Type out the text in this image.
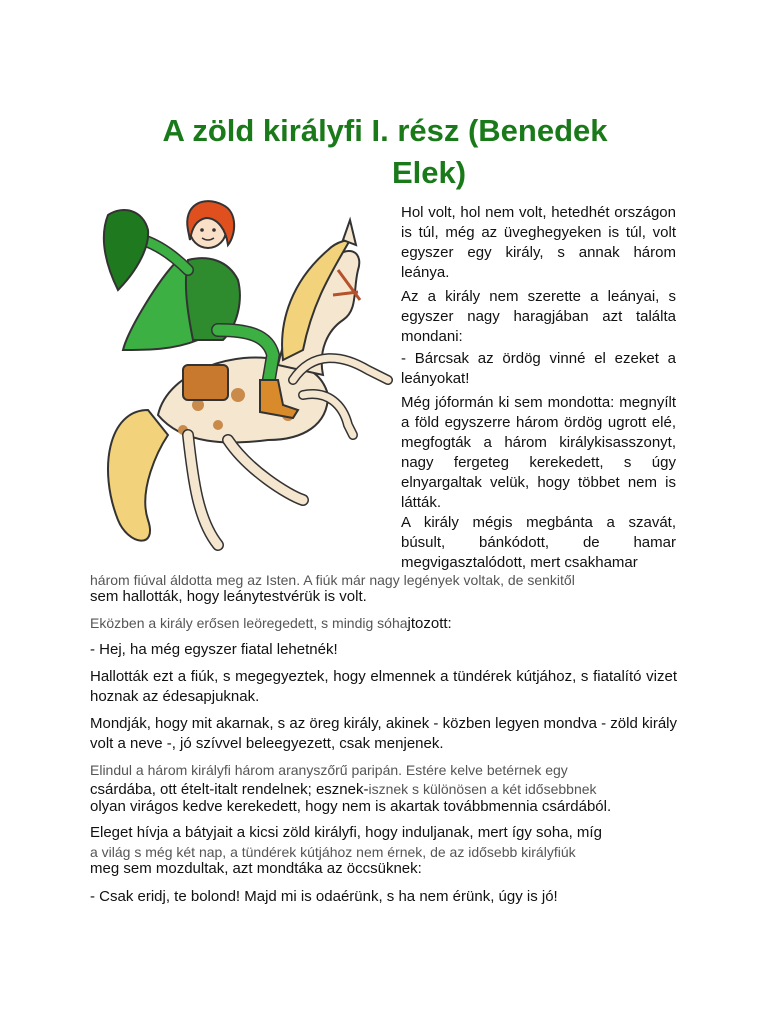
A zöld királyfi I. rész (Benedek
Elek)
Hol volt, hol nem volt, hetedhét országon is túl, még az üveghegyeken is túl, volt egyszer egy király, s annak három leánya.
Az a király nem szerette a leányai, s egyszer nagy haragjában azt találta mondani:
- Bárcsak az ördög vinné el ezeket a leányokat!
Még jóformán ki sem mondotta: megnyílt a föld egyszerre három ördög ugrott elé, megfogták a három királykisasszonyt, nagy fergeteg kerekedett, s úgy elnyargaltak velük, hogy többet nem is látták.
A király mégis megbánta a szavát, búsult, bánkódott, de hamar megvigasztalódott, mert csakhamar
három fiúval áldotta meg az Isten. A fiúk már nagy legények voltak, de senkitől
sem hallották, hogy leánytestvérük is volt.
Eközben a király erősen leöregedett, s mindig sóhajtozott:
- Hej, ha még egyszer fiatal lehetnék!
Hallották ezt a fiúk, s megegyeztek, hogy elmennek a tündérek kútjához, s fiatalító vizet hoznak az édesapjuknak.
Mondják, hogy mit akarnak, s az öreg király, akinek - közben legyen mondva - zöld király volt a neve -, jó szívvel beleegyezett, csak menjenek.
Elindul a három királyfi három aranyszőrű paripán. Estére kelve betérnek egy
csárdába, ott ételt-italt rendelnek; esznek-isznek s különösen a két idősebbnek
olyan virágos kedve kerekedett, hogy nem is akartak továbbmennia csárdából.
Eleget hívja a bátyjait a kicsi zöld királyfi, hogy induljanak, mert így soha, míg
a világ s még két nap, a tündérek kútjához nem érnek, de az idősebb királyfiúk
meg sem mozdultak, azt mondtáka az öccsüknek:
- Csak eridj, te bolond! Majd mi is odaérünk, s ha nem érünk, úgy is jó!
